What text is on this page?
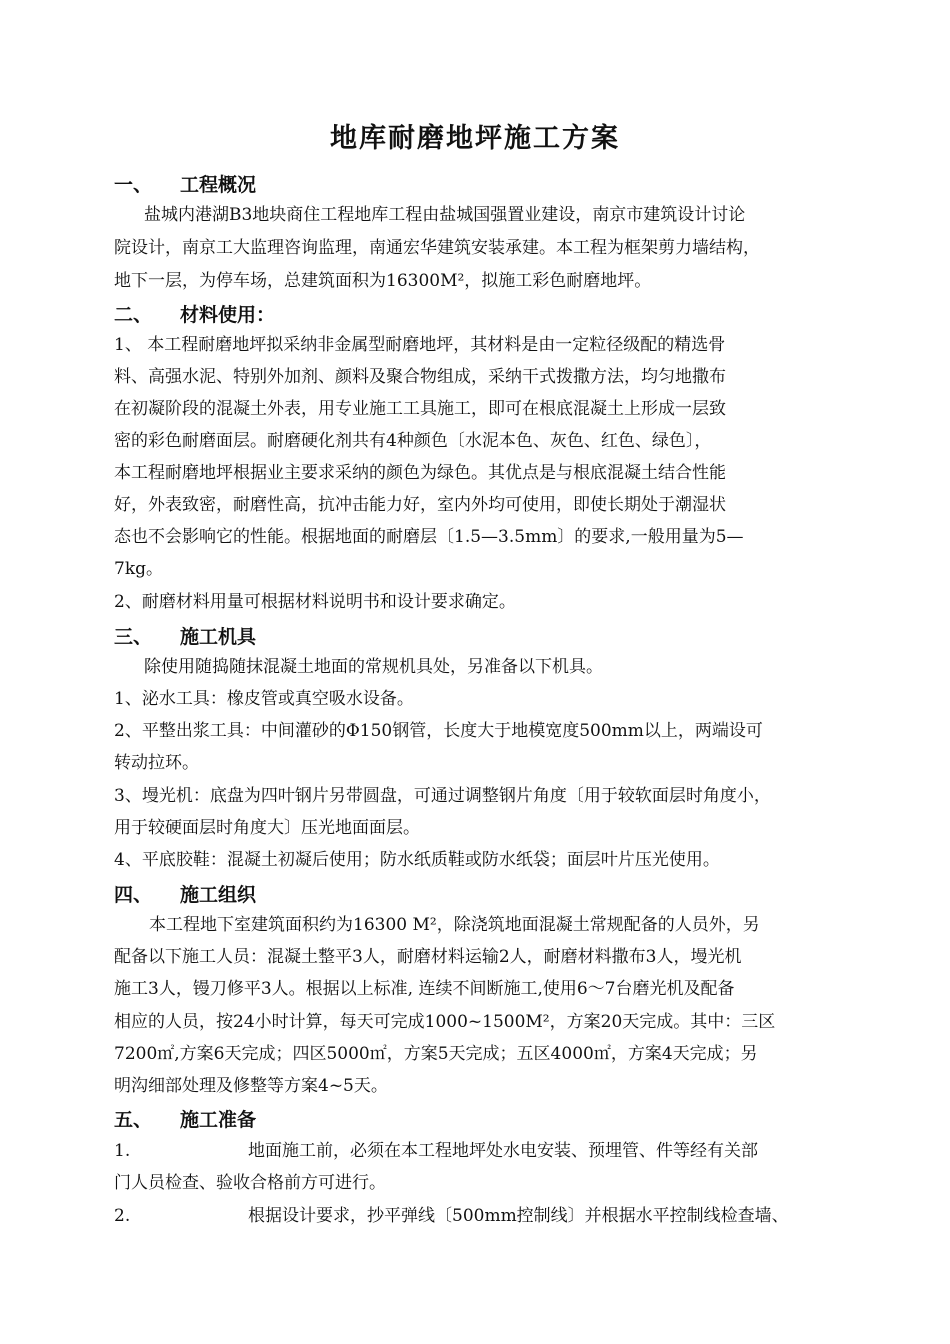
地库耐磨地坪施工方案
一、 工程概况
盐城内港湖B3地块商住工程地库工程由盐城国强置业建设，南京市建筑设计讨论
院设计，南京工大监理咨询监理，南通宏华建筑安装承建。本工程为框架剪力墙结构，
地下一层，为停车场，总建筑面积为16300M²，拟施工彩色耐磨地坪。
二、 材料使用：
1、 本工程耐磨地坪拟采纳非金属型耐磨地坪，其材料是由一定粒径级配的精选骨
料、高强水泥、特别外加剂、颜料及聚合物组成，采纳干式拨撒方法，均匀地撒布
在初凝阶段的混凝土外表，用专业施工工具施工，即可在根底混凝土上形成一层致
密的彩色耐磨面层。耐磨硬化剂共有4种颜色〔水泥本色、灰色、红色、绿色〕，
本工程耐磨地坪根据业主要求采纳的颜色为绿色。其优点是与根底混凝土结合性能
好，外表致密，耐磨性高，抗冲击能力好，室内外均可使用，即使长期处于潮湿状
态也不会影响它的性能。根据地面的耐磨层〔1.5—3.5mm〕的要求,一般用量为5—
7kg。
2、耐磨材料用量可根据材料说明书和设计要求确定。
三、 施工机具
除使用随捣随抹混凝土地面的常规机具处，另准备以下机具。
1、泌水工具：橡皮管或真空吸水设备。
2、平整出浆工具：中间灌砂的Φ150钢管，长度大于地模宽度500mm以上，两端设可
转动拉环。
3、墁光机：底盘为四叶钢片另带圆盘，可通过调整钢片角度〔用于较软面层时角度小，
用于较硬面层时角度大〕压光地面面层。
4、平底胶鞋：混凝土初凝后使用；防水纸质鞋或防水纸袋；面层叶片压光使用。
四、 施工组织
本工程地下室建筑面积约为16300 M²，除浇筑地面混凝土常规配备的人员外，另
配备以下施工人员：混凝土整平3人，耐磨材料运输2人，耐磨材料撒布3人，墁光机
施工3人，镘刀修平3人。根据以上标准, 连续不间断施工,使用6～7台磨光机及配备
相应的人员，按24小时计算，每天可完成1000~1500M²，方案20天完成。其中：三区
7200㎡,方案6天完成；四区5000㎡，方案5天完成；五区4000㎡，方案4天完成；另
明沟细部处理及修整等方案4~5天。
五、 施工准备
1.	地面施工前，必须在本工程地坪处水电安装、预埋管、件等经有关部
门人员检查、验收合格前方可进行。
2.	根据设计要求，抄平弹线〔500mm控制线〕并根据水平控制线检查墙、
